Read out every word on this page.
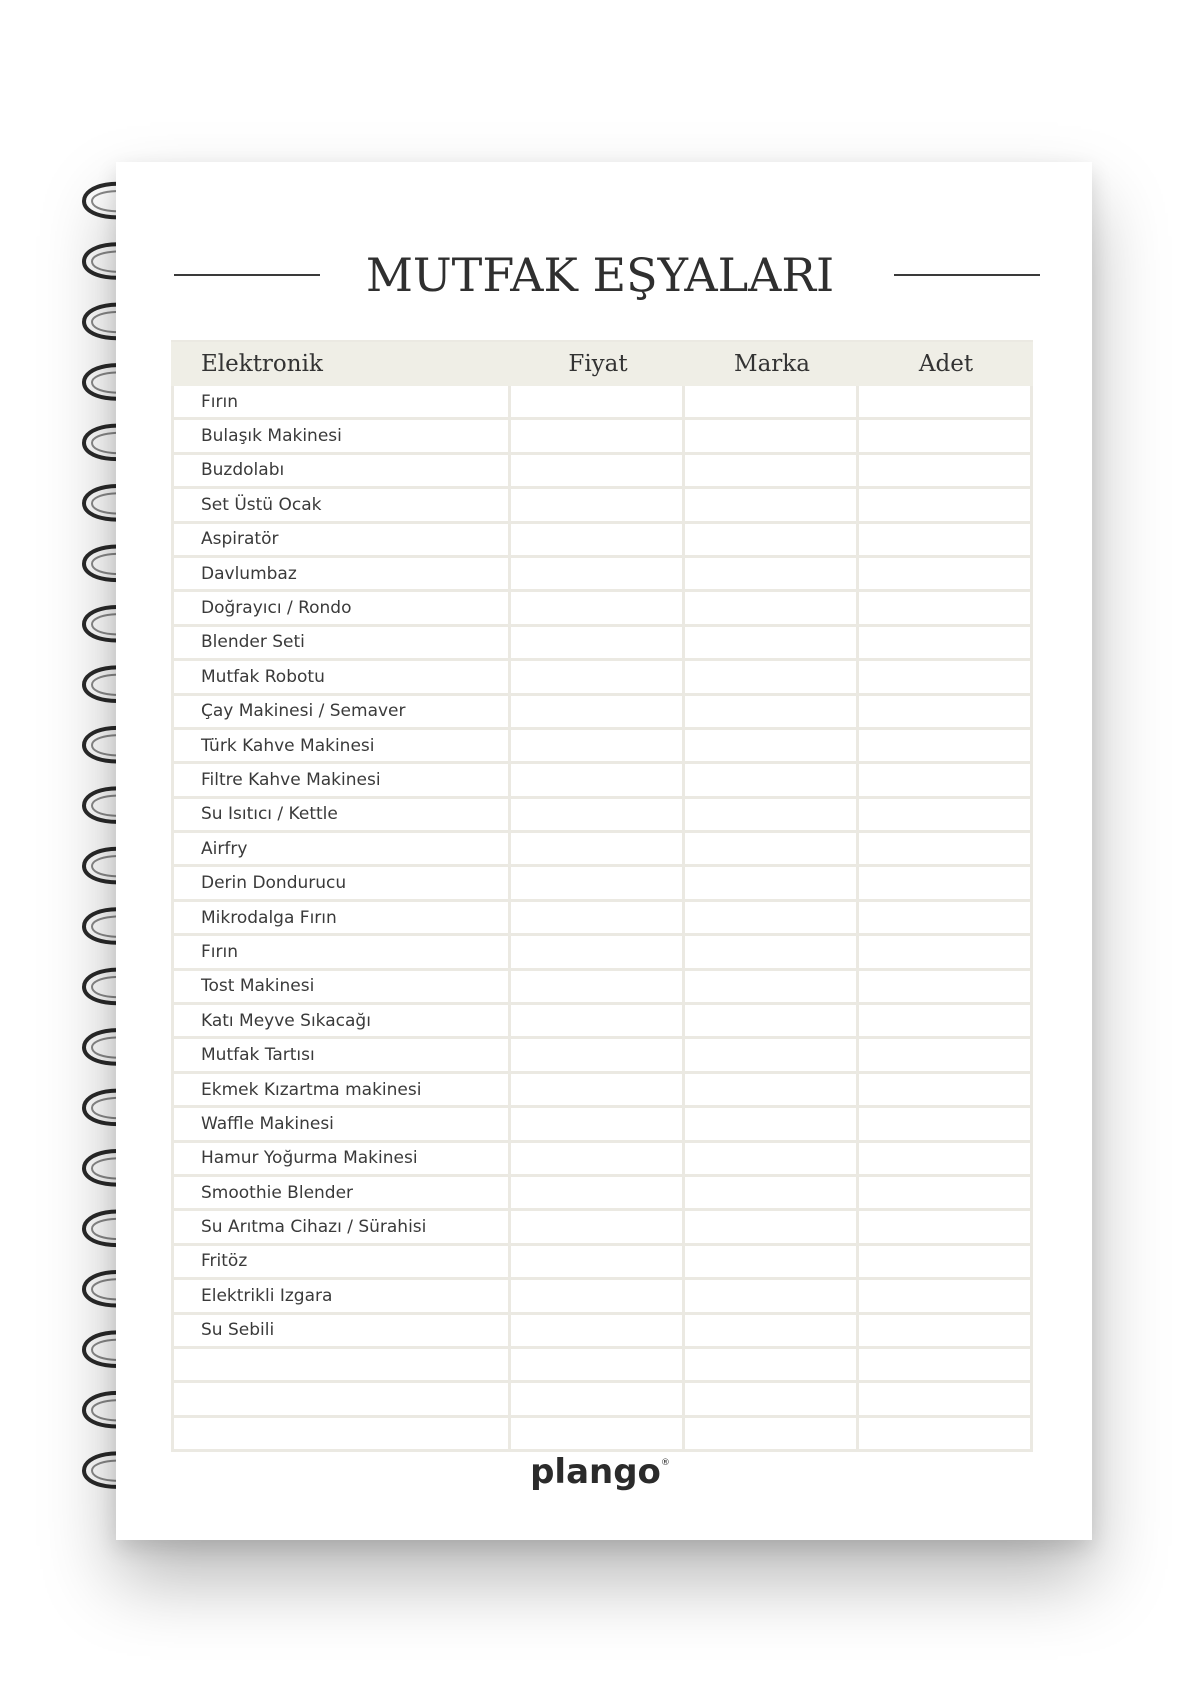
MUTFAK EŞYALARI
Elektronik	Fiyat	Marka	Adet
Fırın
Bulaşık Makinesi
Buzdolabı
Set Üstü Ocak
Aspiratör
Davlumbaz
Doğrayıcı / Rondo
Blender Seti
Mutfak Robotu
Çay Makinesi / Semaver
Türk Kahve Makinesi
Filtre Kahve Makinesi
Su Isıtıcı / Kettle
Airfry
Derin Dondurucu
Mikrodalga Fırın
Fırın
Tost Makinesi
Katı Meyve Sıkacağı
Mutfak Tartısı
Ekmek Kızartma makinesi
Waffle Makinesi
Hamur Yoğurma Makinesi
Smoothie Blender
Su Arıtma Cihazı / Sürahisi
Fritöz
Elektrikli Izgara
Su Sebili
plango®
